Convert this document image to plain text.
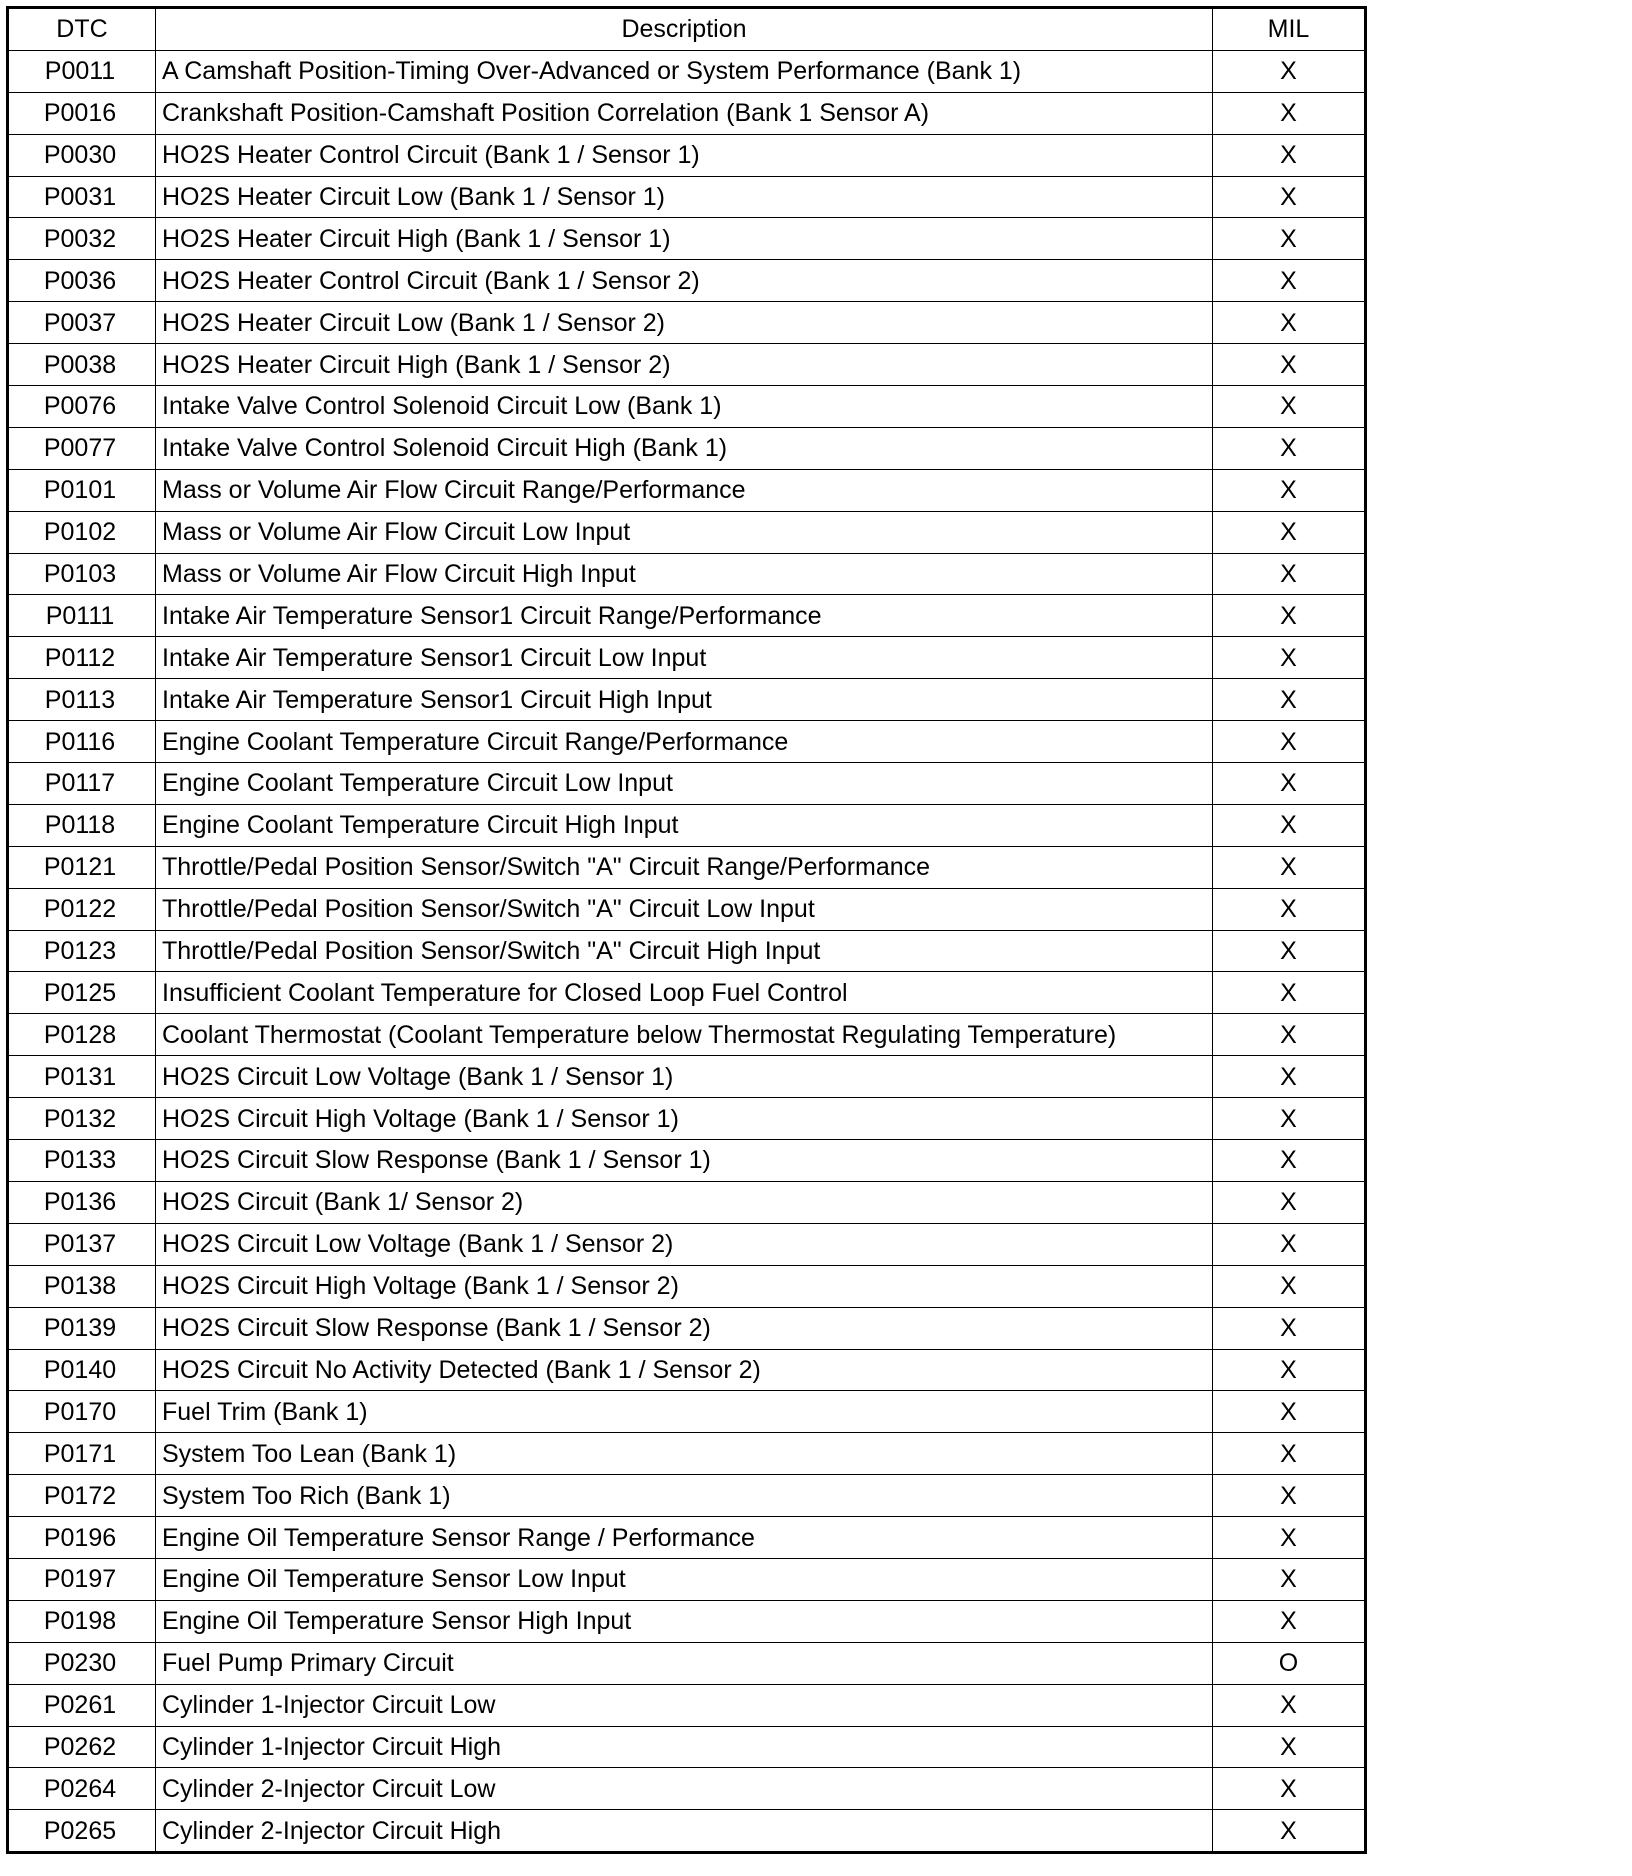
DTC	Description	MIL
P0011	A Camshaft Position-Timing Over-Advanced or System Performance (Bank 1)	X
P0016	Crankshaft Position-Camshaft Position Correlation (Bank 1 Sensor A)	X
P0030	HO2S Heater Control Circuit (Bank 1 / Sensor 1)	X
P0031	HO2S Heater Circuit Low (Bank 1 / Sensor 1)	X
P0032	HO2S Heater Circuit High (Bank 1 / Sensor 1)	X
P0036	HO2S Heater Control Circuit (Bank 1 / Sensor 2)	X
P0037	HO2S Heater Circuit Low (Bank 1 / Sensor 2)	X
P0038	HO2S Heater Circuit High (Bank 1 / Sensor 2)	X
P0076	Intake Valve Control Solenoid Circuit Low (Bank 1)	X
P0077	Intake Valve Control Solenoid Circuit High (Bank 1)	X
P0101	Mass or Volume Air Flow Circuit Range/Performance	X
P0102	Mass or Volume Air Flow Circuit Low Input	X
P0103	Mass or Volume Air Flow Circuit High Input	X
P0111	Intake Air Temperature Sensor1 Circuit Range/Performance	X
P0112	Intake Air Temperature Sensor1 Circuit Low Input	X
P0113	Intake Air Temperature Sensor1 Circuit High Input	X
P0116	Engine Coolant Temperature Circuit Range/Performance	X
P0117	Engine Coolant Temperature Circuit Low Input	X
P0118	Engine Coolant Temperature Circuit High Input	X
P0121	Throttle/Pedal Position Sensor/Switch "A" Circuit Range/Performance	X
P0122	Throttle/Pedal Position Sensor/Switch "A" Circuit Low Input	X
P0123	Throttle/Pedal Position Sensor/Switch "A" Circuit High Input	X
P0125	Insufficient Coolant Temperature for Closed Loop Fuel Control	X
P0128	Coolant Thermostat (Coolant Temperature below Thermostat Regulating Temperature)	X
P0131	HO2S Circuit Low Voltage (Bank 1 / Sensor 1)	X
P0132	HO2S Circuit High Voltage (Bank 1 / Sensor 1)	X
P0133	HO2S Circuit Slow Response (Bank 1 / Sensor 1)	X
P0136	HO2S Circuit (Bank 1/ Sensor 2)	X
P0137	HO2S Circuit Low Voltage (Bank 1 / Sensor 2)	X
P0138	HO2S Circuit High Voltage (Bank 1 / Sensor 2)	X
P0139	HO2S Circuit Slow Response (Bank 1 / Sensor 2)	X
P0140	HO2S Circuit No Activity Detected (Bank 1 / Sensor 2)	X
P0170	Fuel Trim (Bank 1)	X
P0171	System Too Lean (Bank 1)	X
P0172	System Too Rich (Bank 1)	X
P0196	Engine Oil Temperature Sensor Range / Performance	X
P0197	Engine Oil Temperature Sensor Low Input	X
P0198	Engine Oil Temperature Sensor High Input	X
P0230	Fuel Pump Primary Circuit	O
P0261	Cylinder 1-Injector Circuit Low	X
P0262	Cylinder 1-Injector Circuit High	X
P0264	Cylinder 2-Injector Circuit Low	X
P0265	Cylinder 2-Injector Circuit High	X
